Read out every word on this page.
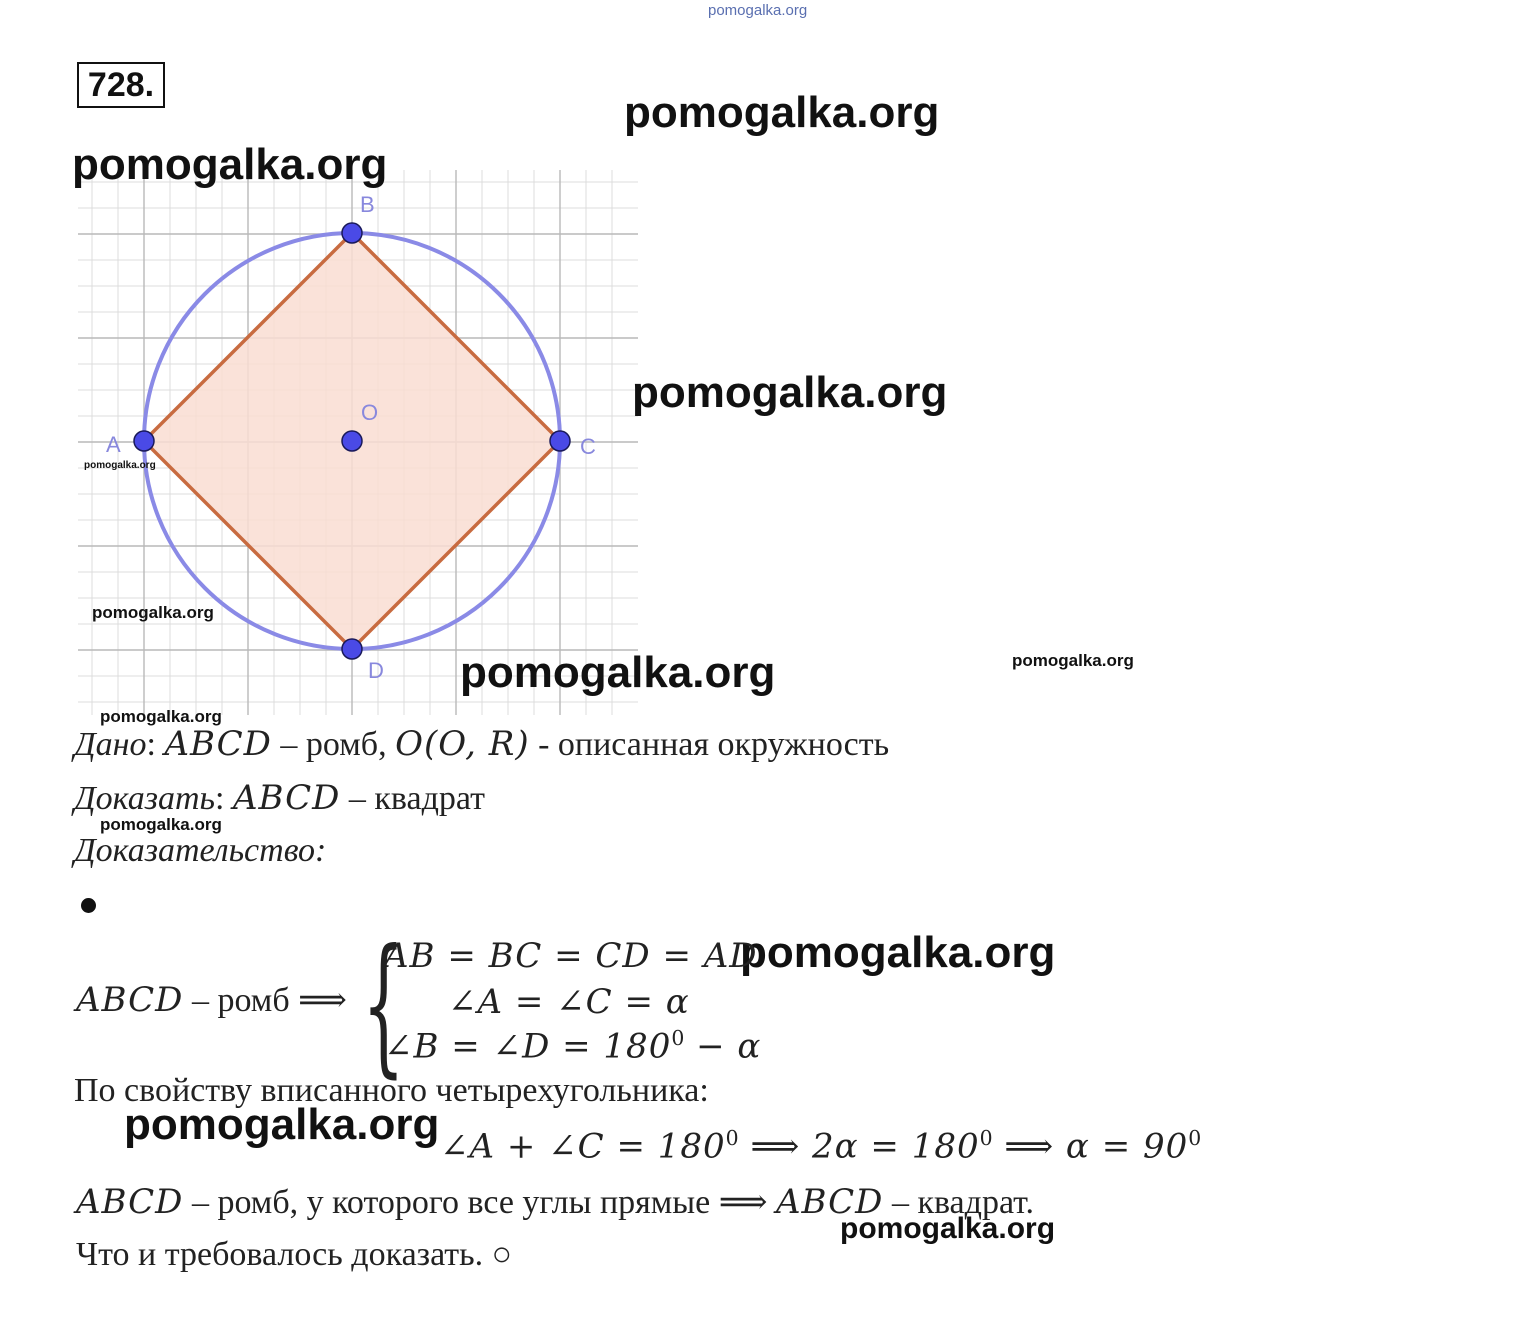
pomogalka.org
728.
B
A	C
D
O
pomogalka.org
pomogalka.org
pomogalka.org
pomogalka.org
pomogalka.org
pomogalka.org	pomogalka.org
pomogalka.org
pomogalka.org
pomogalka.org
pomogalka.org
pomogalka.org
Дано: ABCD – ромб, O(O, R) - описанная окружность
Доказать: ABCD – квадрат
Доказательство:
ABCD – ромб ⟹ {
AB = BC = CD = AD
∠A = ∠C = α
∠B = ∠D = $180^0 - \alpha$
По свойству вписанного четырехугольника:
∠A + ∠C = $180^0$ ⟹ $2\alpha = 180^0$ ⟹ $\alpha = 90^0$
ABCD – ромб, у которого все углы прямые ⟹ ABCD – квадрат.
Что и требовалось доказать. ○
